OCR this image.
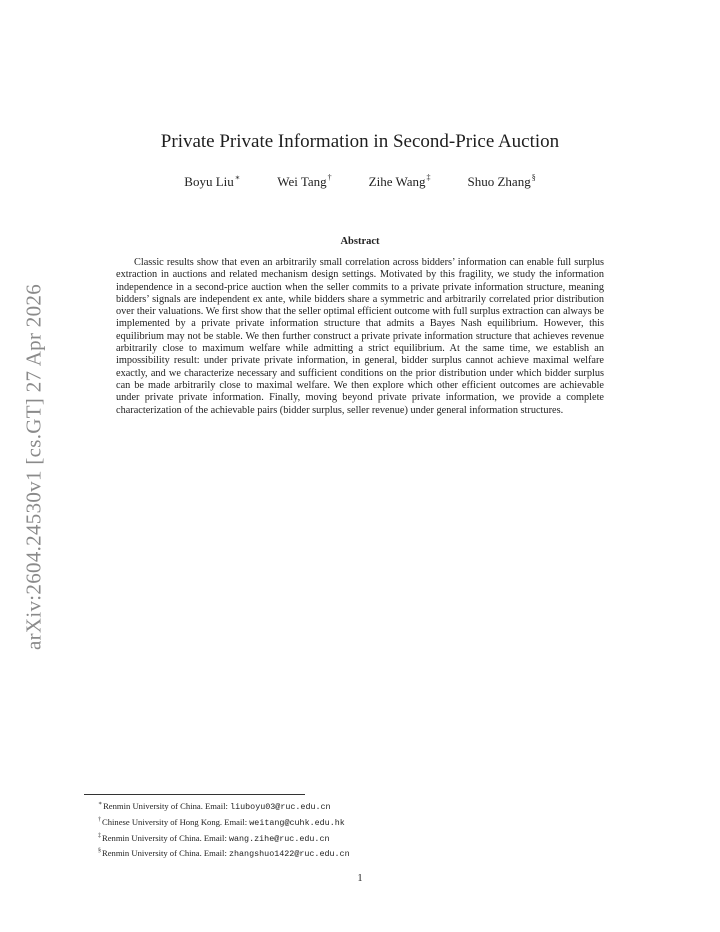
arXiv:2604.24530v1 [cs.GT] 27 Apr 2026
Private Private Information in Second-Price Auction
Boyu Liu∗	Wei Tang†	Zihe Wang‡	Shuo Zhang§
Abstract

Classic results show that even an arbitrarily small correlation across bidders’ information can enable full surplus extraction in auctions and related mechanism design settings. Motivated by this fragility, we study the information independence in a second-price auction when the seller commits to a private private information structure, meaning bidders’ signals are independent ex ante, while bidders share a symmetric and arbitrarily correlated prior distribution over their valuations. We first show that the seller optimal efficient outcome with full surplus extraction can always be implemented by a private private information structure that admits a Bayes Nash equilibrium. However, this equilibrium may not be stable. We then further construct a private private information structure that achieves revenue arbitrarily close to maximum welfare while admitting a strict equilibrium. At the same time, we establish an impossibility result: under private private information, in general, bidder surplus cannot achieve maximal welfare exactly, and we characterize necessary and sufficient conditions on the prior distribution under which bidder surplus can be made arbitrarily close to maximal welfare. We then explore which other efficient outcomes are achievable under private private information. Finally, moving beyond private private information, we provide a complete characterization of the achievable pairs (bidder surplus, seller revenue) under general information structures.

∗Renmin University of China. Email: liuboyu03@ruc.edu.cn
†Chinese University of Hong Kong. Email: weitang@cuhk.edu.hk
‡Renmin University of China. Email: wang.zihe@ruc.edu.cn
§Renmin University of China. Email: zhangshuo1422@ruc.edu.cn
1
